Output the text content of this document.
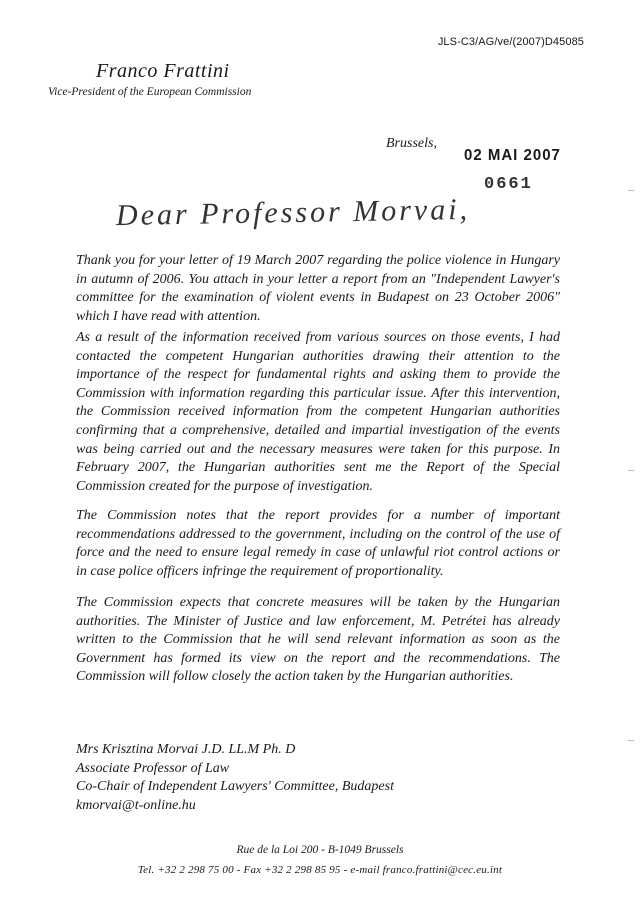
JLS-C3/AG/ve/(2007)D45085
Franco Frattini
Vice-President of the European Commission
Brussels,
02 MAI 2007
0661
Dear Professor Morvai,

Thank you for your letter of 19 March 2007 regarding the police violence in Hungary in autumn of 2006. You attach in your letter a report from an "Independent Lawyer's committee for the examination of violent events in Budapest on 23 October 2006" which I have read with attention.

As a result of the information received from various sources on those events, I had contacted the competent Hungarian authorities drawing their attention to the importance of the respect for fundamental rights and asking them to provide the Commission with information regarding this particular issue. After this intervention, the Commission received information from the competent Hungarian authorities confirming that a comprehensive, detailed and impartial investigation of the events was being carried out and the necessary measures were taken for this purpose. In February 2007, the Hungarian authorities sent me the Report of the Special Commission created for the purpose of investigation.

The Commission notes that the report provides for a number of important recommendations addressed to the government, including on the control of the use of force and the need to ensure legal remedy in case of unlawful riot control actions or in case police officers infringe the requirement of proportionality.

The Commission expects that concrete measures will be taken by the Hungarian authorities. The Minister of Justice and law enforcement, M. Petrétei has already written to the Commission that he will send relevant information as soon as the Government has formed its view on the report and the recommendations. The Commission will follow closely the action taken by the Hungarian authorities.

Mrs Krisztina Morvai J.D. LL.M Ph. D
Associate Professor of Law
Co-Chair of Independent Lawyers' Committee, Budapest
kmorvai@t-online.hu
Rue de la Loi 200 - B-1049 Brussels
Tel. +32 2 298 75 00 - Fax +32 2 298 85 95 - e-mail franco.frattini@cec.eu.int
